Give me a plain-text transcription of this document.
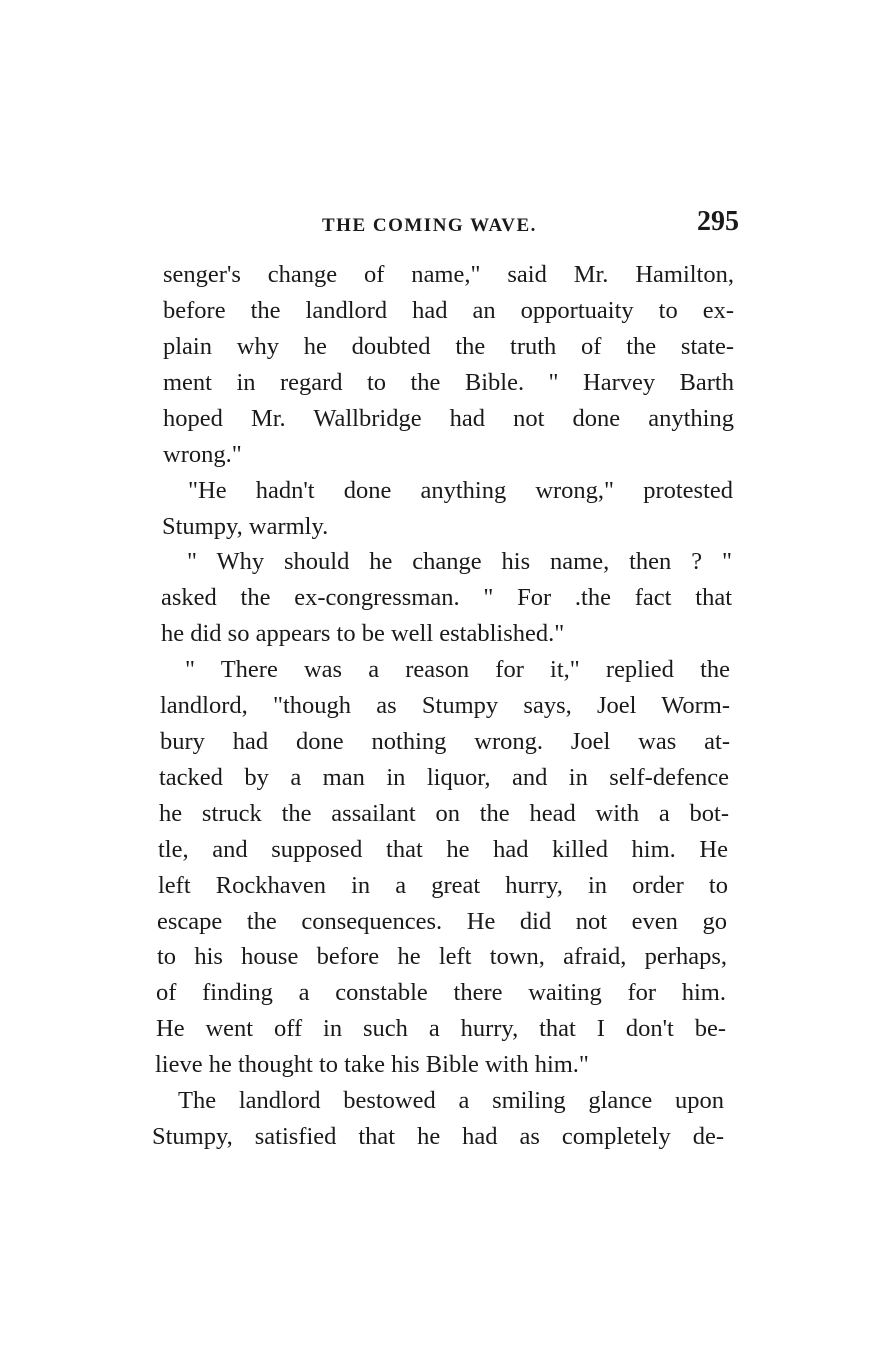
THE COMING WAVE.	295
senger's change of name," said Mr. Hamilton,
before the landlord had an opportuaity to ex-
plain why he doubted the truth of the state-
ment in regard to the Bible. " Harvey Barth
hoped Mr. Wallbridge had not done anything
wrong."
"He hadn't done anything wrong," protested
Stumpy, warmly.
" Why should he change his name, then ? "
asked the ex-congressman. " For .the fact that
he did so appears to be well established."
" There was a reason for it," replied the
landlord, "though as Stumpy says, Joel Worm-
bury had done nothing wrong. Joel was at-
tacked by a man in liquor, and in self-defence
he struck the assailant on the head with a bot-
tle, and supposed that he had killed him. He
left Rockhaven in a great hurry, in order to
escape the consequences. He did not even go
to his house before he left town, afraid, perhaps,
of finding a constable there waiting for him.
He went off in such a hurry, that I don't be-
lieve he thought to take his Bible with him."
The landlord bestowed a smiling glance upon
Stumpy, satisfied that he had as completely de-
